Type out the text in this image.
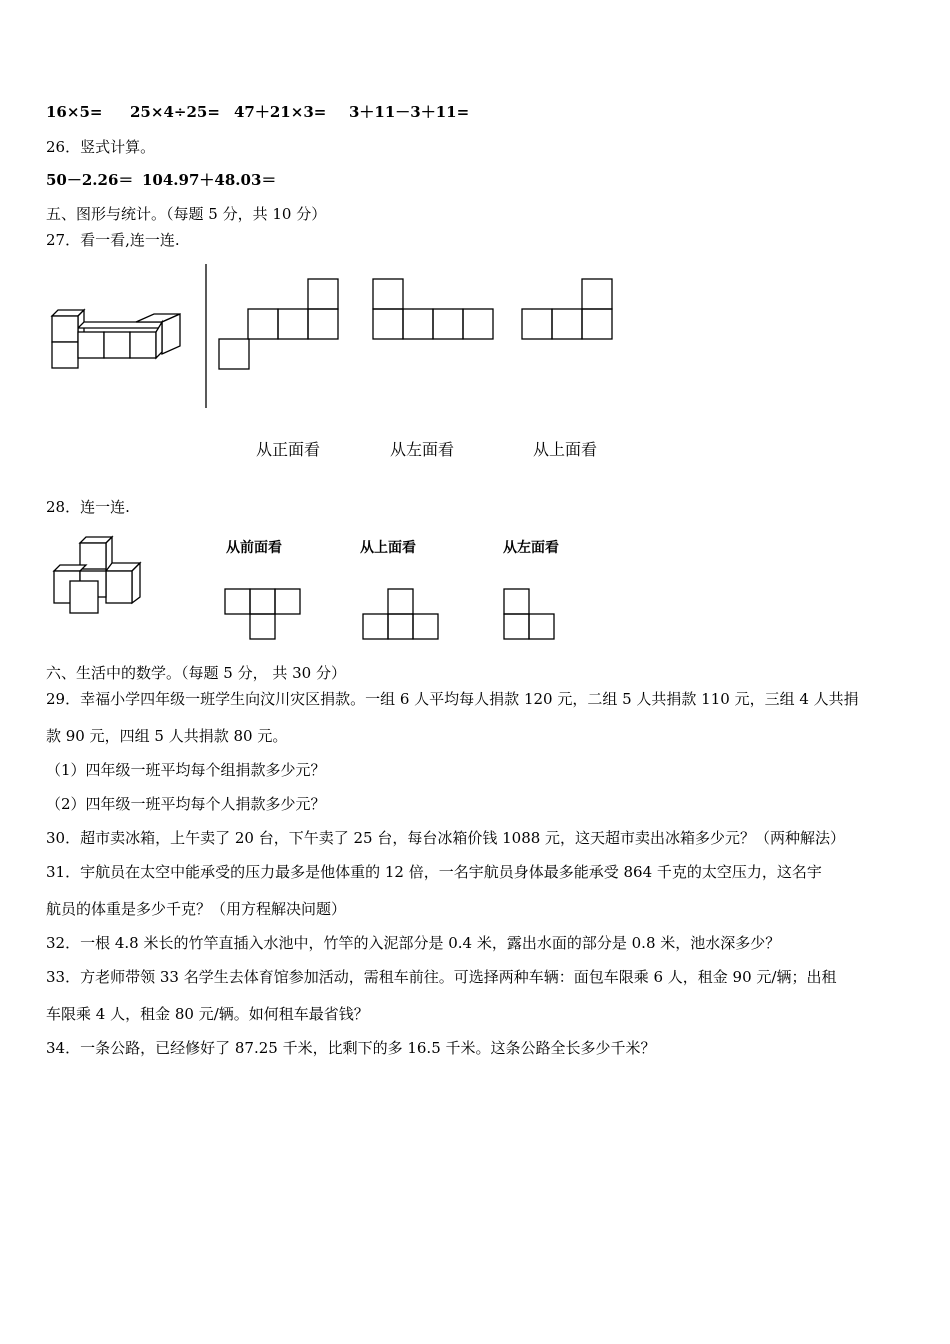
16×5= 25×4÷25= 47＋21×3= 3＋11－3＋11=
26．竖式计算。
50－2.26＝ 104.97＋48.03＝
五、图形与统计。（每题 5 分，共 10 分）
27．看一看,连一连.
从正面看	从左面看	从上面看
28．连一连.
从前面看	从上面看	从左面看
六、生活中的数学。（每题 5 分， 共 30 分）
29．幸福小学四年级一班学生向汶川灾区捐款。一组 6 人平均每人捐款 120 元，二组 5 人共捐款 110 元，三组 4 人共捐
款 90 元，四组 5 人共捐款 80 元。
（1）四年级一班平均每个组捐款多少元？
（2）四年级一班平均每个人捐款多少元？
30．超市卖冰箱，上午卖了 20 台，下午卖了 25 台，每台冰箱价钱 1088 元，这天超市卖出冰箱多少元？（两种解法）
31．宇航员在太空中能承受的压力最多是他体重的 12 倍，一名宇航员身体最多能承受 864 千克的太空压力，这名宇
航员的体重是多少千克？（用方程解决问题）
32．一根 4.8 米长的竹竿直插入水池中，竹竿的入泥部分是 0.4 米，露出水面的部分是 0.8 米，池水深多少？
33．方老师带领 33 名学生去体育馆参加活动，需租车前往。可选择两种车辆：面包车限乘 6 人，租金 90 元/辆；出租
车限乘 4 人，租金 80 元/辆。如何租车最省钱？
34．一条公路，已经修好了 87.25 千米，比剩下的多 16.5 千米。这条公路全长多少千米？
